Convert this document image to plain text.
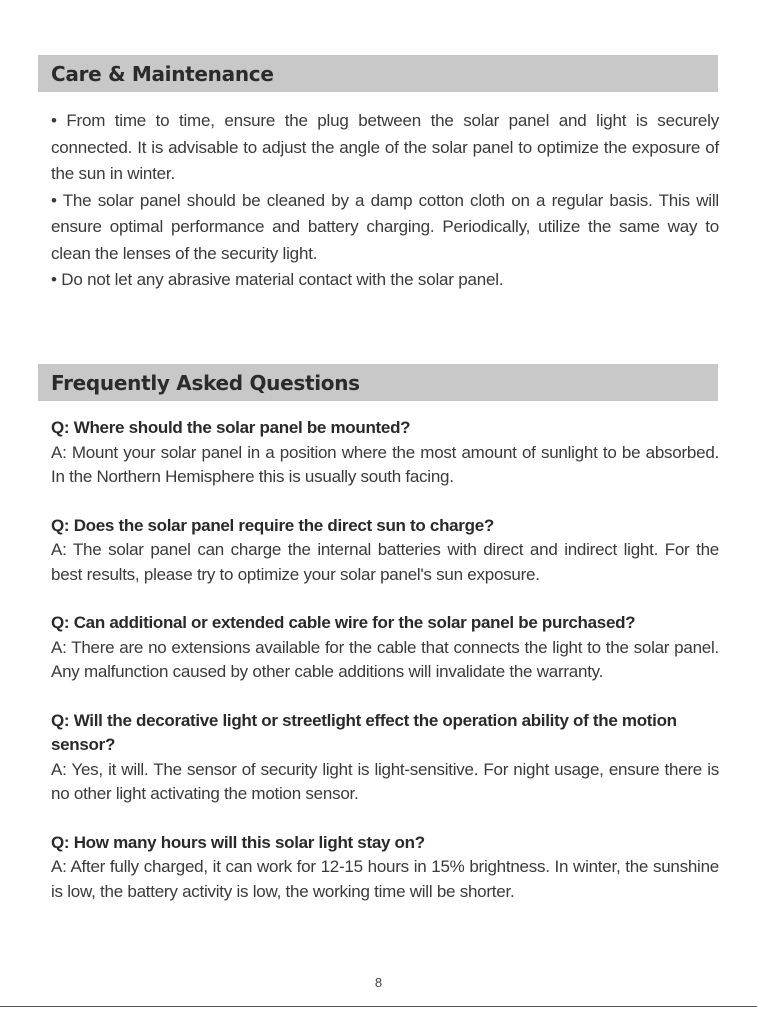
Care & Maintenance

• From time to time, ensure the plug between the solar panel and light is securely connected. It is advisable to adjust the angle of the solar panel to optimize the exposure of the sun in winter.

• The solar panel should be cleaned by a damp cotton cloth on a regular basis. This will ensure optimal performance and battery charging. Periodically, utilize the same way to clean the lenses of the security light.

• Do not let any abrasive material contact with the solar panel.

Frequently Asked Questions

Q: Where should the solar panel be mounted?

A: Mount your solar panel in a position where the most amount of sunlight to be absorbed. In the Northern Hemisphere this is usually south facing.

Q: Does the solar panel require the direct sun to charge?

A: The solar panel can charge the internal batteries with direct and indirect light. For the best results, please try to optimize your solar panel's sun exposure.

Q: Can additional or extended cable wire for the solar panel be purchased?

A: There are no extensions available for the cable that connects the light to the solar panel. Any malfunction caused by other cable additions will invalidate the warranty.

Q: Will the decorative light or streetlight effect the operation ability of the motion sensor?

A: Yes, it will. The sensor of security light is light-sensitive. For night usage, ensure there is no other light activating the motion sensor.

Q: How many hours will this solar light stay on?

A: After fully charged, it can work for 12-15 hours in 15% brightness. In winter, the sunshine is low, the battery activity is low, the working time will be shorter.

8
